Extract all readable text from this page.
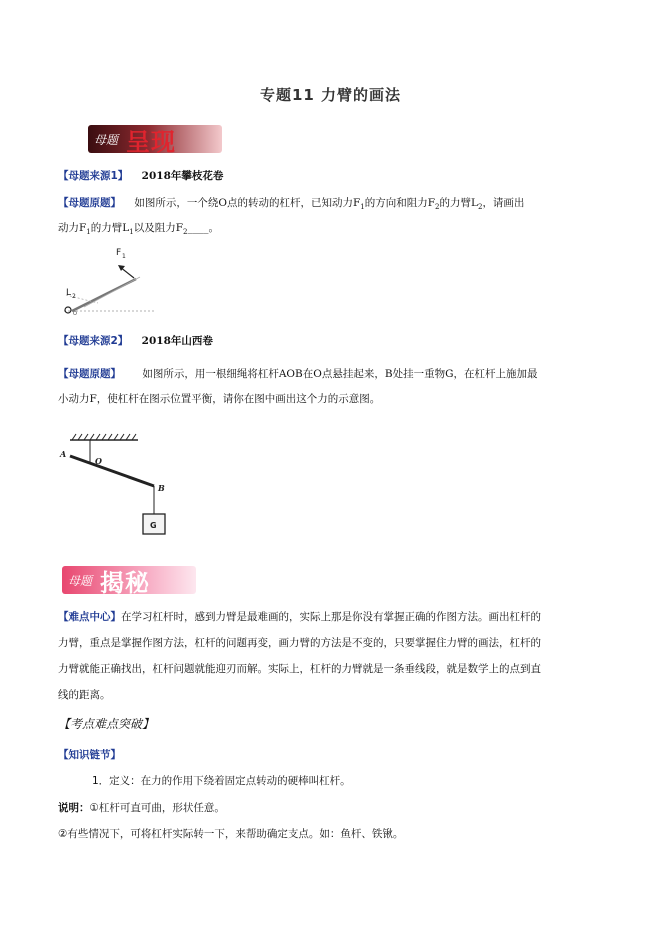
专题11 力臂的画法
母题 呈现
【母题来源1】 2018年攀枝花卷
【母题原题】 如图所示，一个绕O点的转动的杠杆，已知动力$F_1$的方向和阻力$F_2$的力臂$L_2$，请画出
动力$F_1$的力臂$L_1$以及阻力$F_2\_\_\_\_$。
F 1
L 2
O
【母题来源2】 2018年山西卷
【母题原题】 如图所示，用一根细绳将杠杆AOB在O点悬挂起来，B处挂一重物G，在杠杆上施加最
小动力F，使杠杆在图示位置平衡，请你在图中画出这个力的示意图。
A
O
B
G
母题 揭秘
【难点中心】在学习杠杆时，感到力臂是最难画的，实际上那是你没有掌握正确的作图方法。画出杠杆的
力臂，重点是掌握作图方法，杠杆的问题再变，画力臂的方法是不变的，只要掌握住力臂的画法，杠杆的
力臂就能正确找出，杠杆问题就能迎刃而解。实际上，杠杆的力臂就是一条垂线段，就是数学上的点到直
线的距离。
【考点难点突破】
【知识链节】
1．定义：在力的作用下绕着固定点转动的硬棒叫杠杆。
说明：①杠杆可直可曲，形状任意。
②有些情况下，可将杠杆实际转一下，来帮助确定支点。如：鱼杆、铁锹。
